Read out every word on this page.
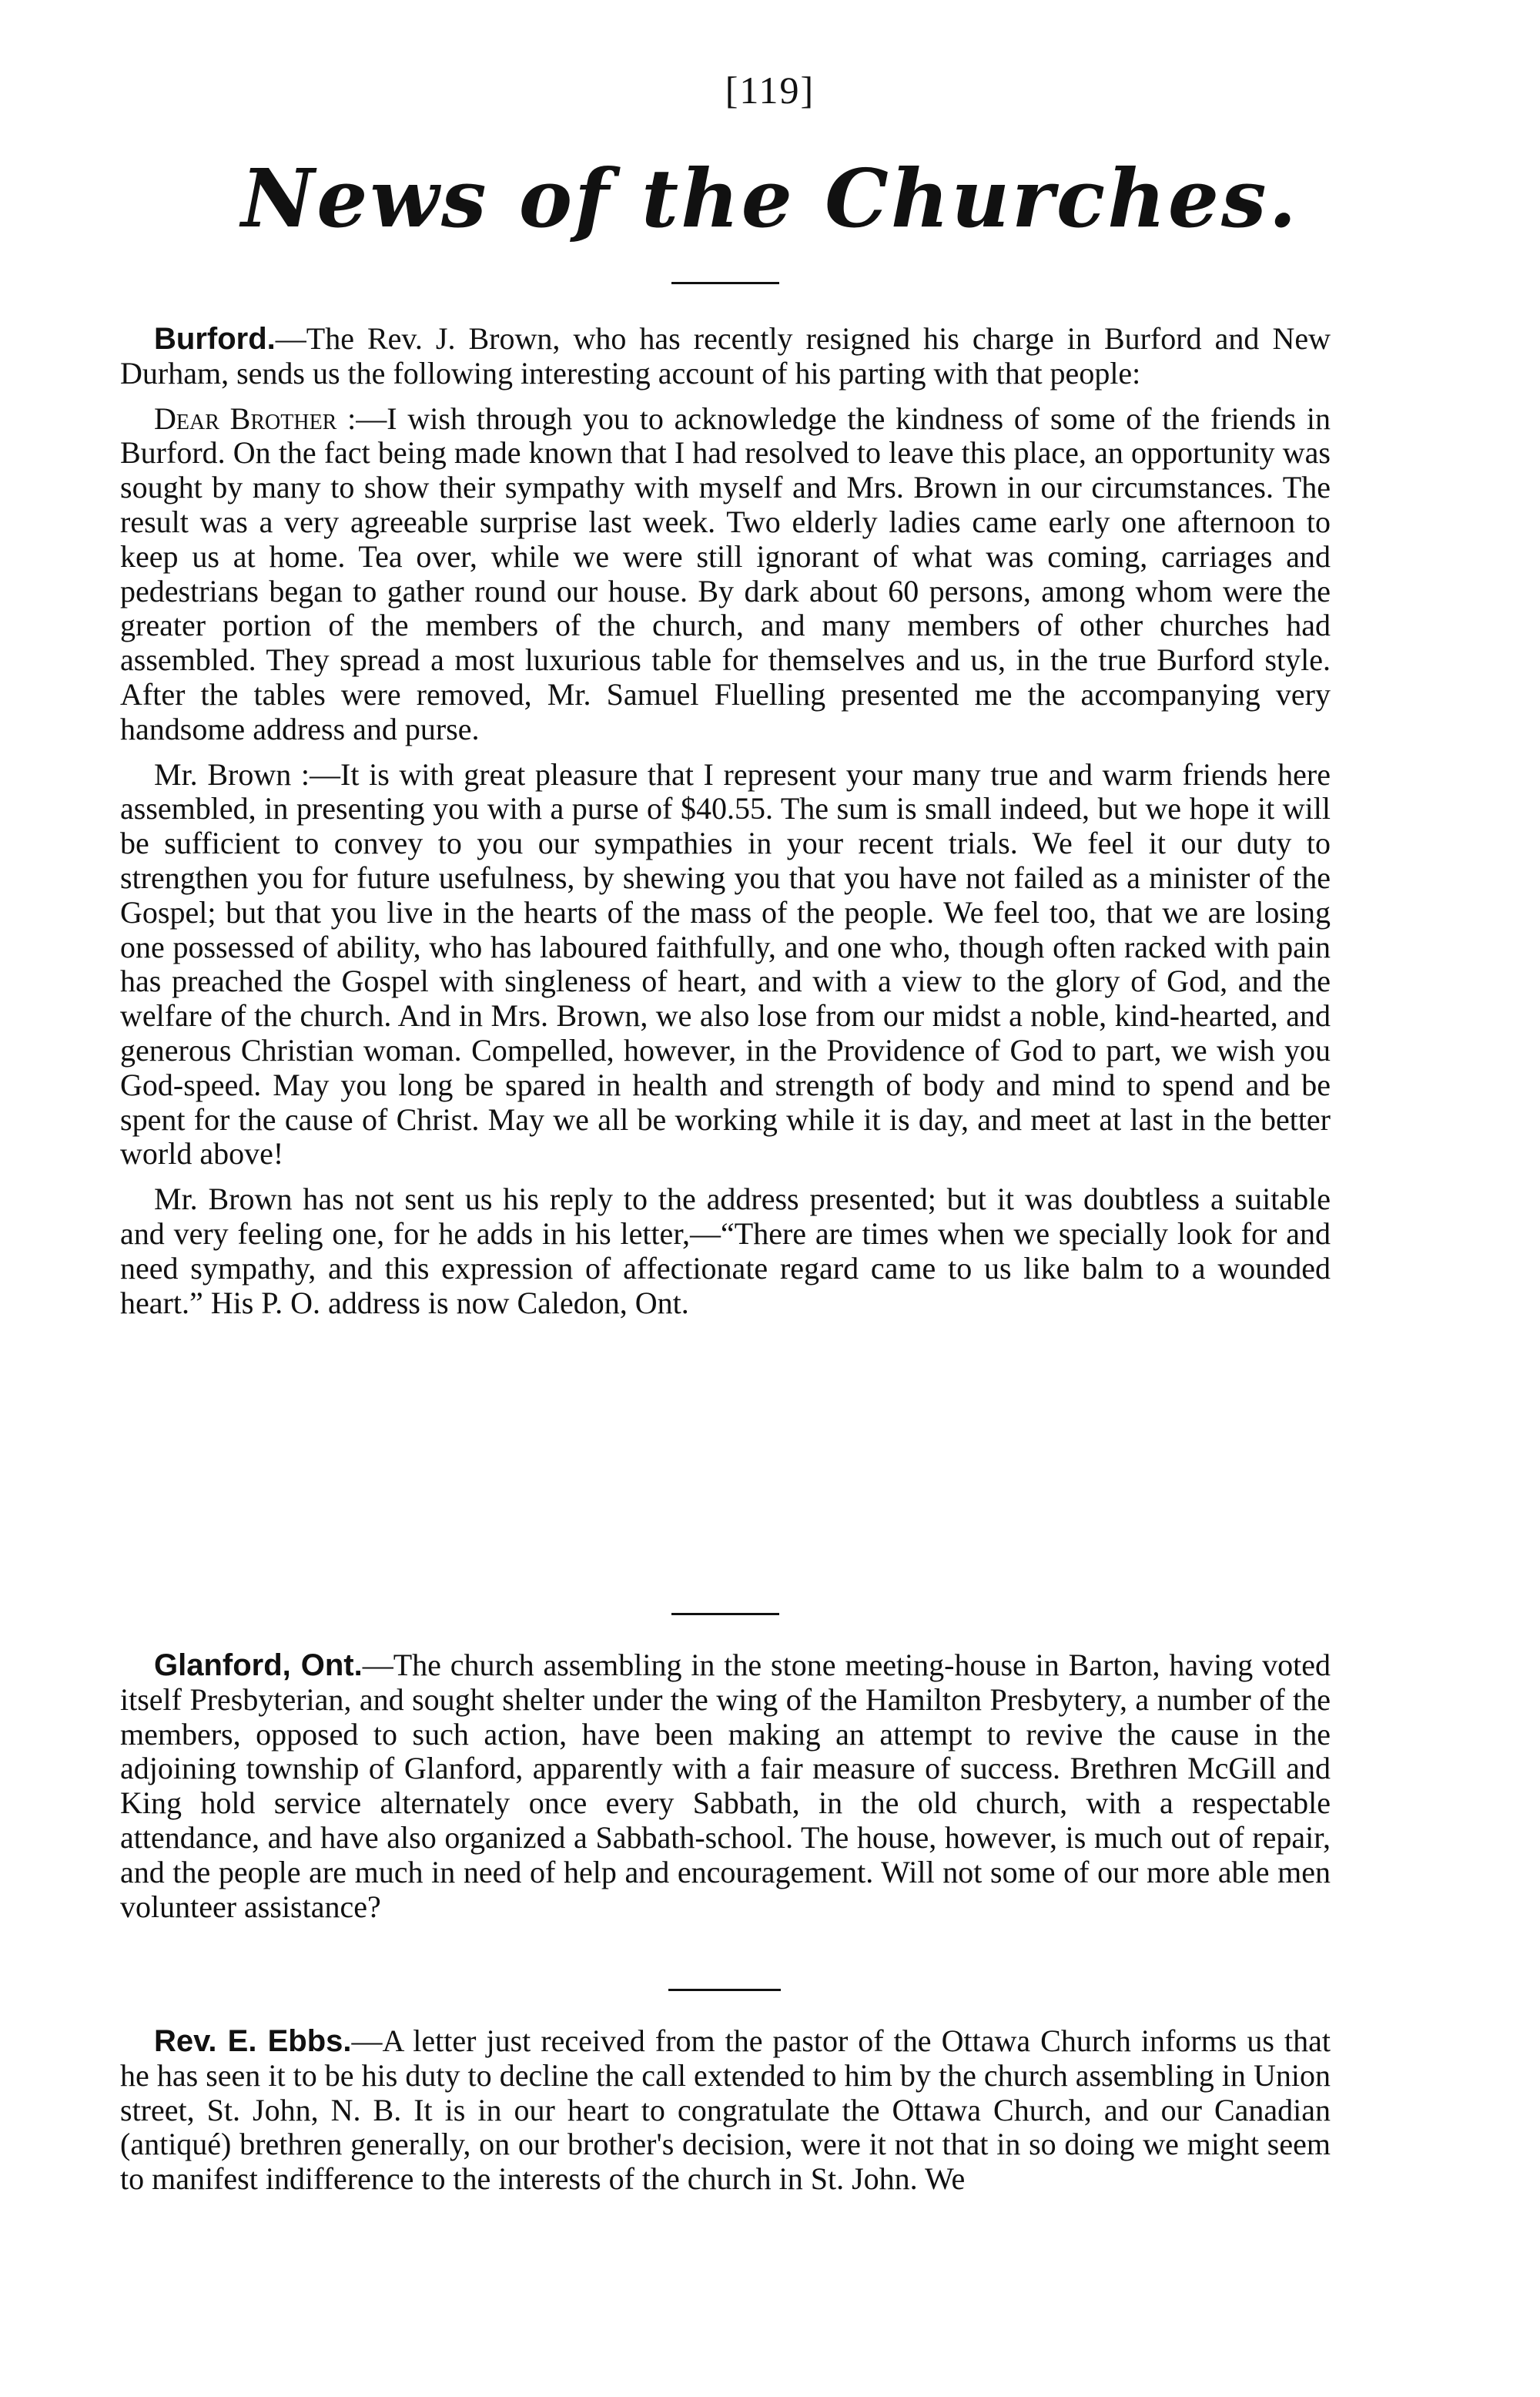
[119]
News of the Churches.

Burford.—The Rev. J. Brown, who has recently resigned his charge in Burford and New Durham, sends us the following interesting account of his parting with that people:

Dear Brother :—I wish through you to acknowledge the kindness of some of the friends in Burford. On the fact being made known that I had resolved to leave this place, an opportunity was sought by many to show their sympathy with myself and Mrs. Brown in our circumstances. The result was a very agreeable surprise last week. Two elderly ladies came early one afternoon to keep us at home. Tea over, while we were still ignorant of what was coming, carriages and pedestrians began to gather round our house. By dark about 60 persons, among whom were the greater portion of the members of the church, and many members of other churches had assembled. They spread a most luxurious table for themselves and us, in the true Burford style. After the tables were removed, Mr. Samuel Fluelling presented me the accompanying very handsome address and purse.

Mr. Brown :—It is with great pleasure that I represent your many true and warm friends here assembled, in presenting you with a purse of $40.55. The sum is small indeed, but we hope it will be sufficient to convey to you our sympathies in your recent trials. We feel it our duty to strengthen you for future usefulness, by shewing you that you have not failed as a minister of the Gospel; but that you live in the hearts of the mass of the people. We feel too, that we are losing one possessed of ability, who has laboured faithfully, and one who, though often racked with pain has preached the Gospel with singleness of heart, and with a view to the glory of God, and the welfare of the church. And in Mrs. Brown, we also lose from our midst a noble, kind-hearted, and generous Christian woman. Compelled, however, in the Providence of God to part, we wish you God-speed. May you long be spared in health and strength of body and mind to spend and be spent for the cause of Christ. May we all be working while it is day, and meet at last in the better world above!

Mr. Brown has not sent us his reply to the address presented; but it was doubtless a suitable and very feeling one, for he adds in his letter,—“There are times when we specially look for and need sympathy, and this expression of affectionate regard came to us like balm to a wounded heart.” His P. O. address is now Caledon, Ont.

Glanford, Ont.—The church assembling in the stone meeting-house in Barton, having voted itself Presbyterian, and sought shelter under the wing of the Hamilton Presbytery, a number of the members, opposed to such action, have been making an attempt to revive the cause in the adjoining township of Glanford, apparently with a fair measure of success. Brethren McGill and King hold service alternately once every Sabbath, in the old church, with a respectable attendance, and have also organized a Sabbath-school. The house, however, is much out of repair, and the people are much in need of help and encouragement. Will not some of our more able men volunteer assistance?

Rev. E. Ebbs.—A letter just received from the pastor of the Ottawa Church informs us that he has seen it to be his duty to decline the call extended to him by the church assembling in Union street, St. John, N. B. It is in our heart to congratulate the Ottawa Church, and our Canadian (antiqué) brethren generally, on our brother's decision, were it not that in so doing we might seem to manifest indifference to the interests of the church in St. John. We
